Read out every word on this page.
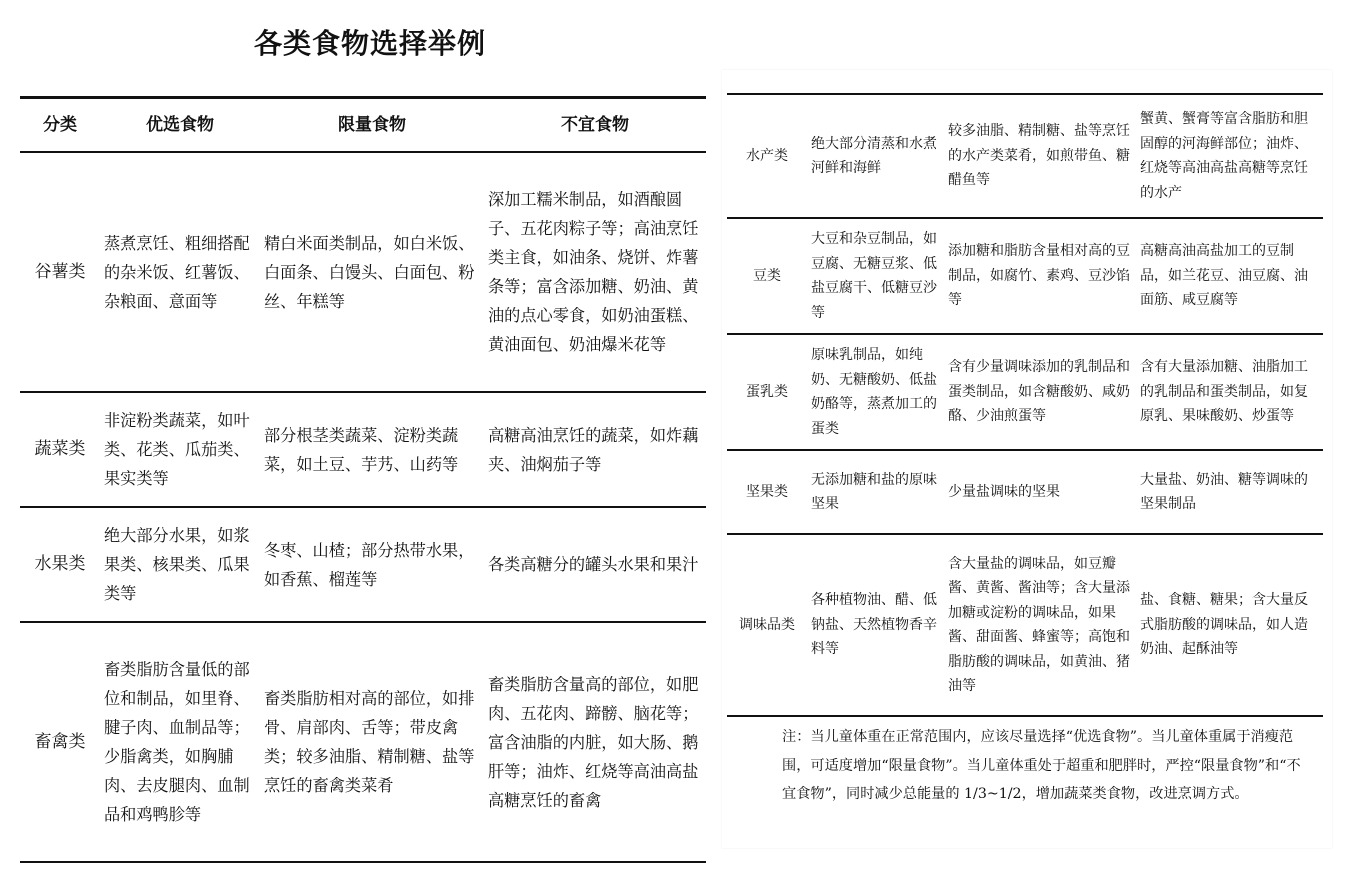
各类食物选择举例
分类	优选食物	限量食物	不宜食物
谷薯类	蒸煮烹饪、粗细搭配的杂米饭、红薯饭、杂粮面、意面等	精白米面类制品，如白米饭、白面条、白馒头、白面包、粉丝、年糕等	深加工糯米制品，如酒酿圆子、五花肉粽子等；高油烹饪类主食，如油条、烧饼、炸薯条等；富含添加糖、奶油、黄油的点心零食，如奶油蛋糕、黄油面包、奶油爆米花等
蔬菜类	非淀粉类蔬菜，如叶类、花类、瓜茄类、果实类等	部分根茎类蔬菜、淀粉类蔬菜，如土豆、芋艿、山药等	高糖高油烹饪的蔬菜，如炸藕夹、油焖茄子等
水果类	绝大部分水果，如浆果类、核果类、瓜果类等	冬枣、山楂；部分热带水果，如香蕉、榴莲等	各类高糖分的罐头水果和果汁
畜禽类	畜类脂肪含量低的部位和制品，如里脊、腱子肉、血制品等；少脂禽类，如胸脯肉、去皮腿肉、血制品和鸡鸭胗等	畜类脂肪相对高的部位，如排骨、肩部肉、舌等；带皮禽类；较多油脂、精制糖、盐等烹饪的畜禽类菜肴	畜类脂肪含量高的部位，如肥肉、五花肉、蹄髈、脑花等；富含油脂的内脏，如大肠、鹅肝等；油炸、红烧等高油高盐高糖烹饪的畜禽
水产类	绝大部分清蒸和水煮河鲜和海鲜	较多油脂、精制糖、盐等烹饪的水产类菜肴，如煎带鱼、糖醋鱼等	蟹黄、蟹膏等富含脂肪和胆固醇的河海鲜部位；油炸、红烧等高油高盐高糖等烹饪的水产
豆类	大豆和杂豆制品，如豆腐、无糖豆浆、低盐豆腐干、低糖豆沙等	添加糖和脂肪含量相对高的豆制品，如腐竹、素鸡、豆沙馅等	高糖高油高盐加工的豆制品，如兰花豆、油豆腐、油面筋、咸豆腐等
蛋乳类	原味乳制品，如纯奶、无糖酸奶、低盐奶酪等，蒸煮加工的蛋类	含有少量调味添加的乳制品和蛋类制品，如含糖酸奶、咸奶酪、少油煎蛋等	含有大量添加糖、油脂加工的乳制品和蛋类制品，如复原乳、果味酸奶、炒蛋等
坚果类	无添加糖和盐的原味坚果	少量盐调味的坚果	大量盐、奶油、糖等调味的坚果制品
调味品类	各种植物油、醋、低钠盐、天然植物香辛料等	含大量盐的调味品，如豆瓣酱、黄酱、酱油等；含大量添加糖或淀粉的调味品，如果酱、甜面酱、蜂蜜等；高饱和脂肪酸的调味品，如黄油、猪油等	盐、食糖、糖果；含大量反式脂肪酸的调味品，如人造奶油、起酥油等
注：当儿童体重在正常范围内，应该尽量选择“优选食物”。当儿童体重属于消瘦范围，可适度增加“限量食物”。当儿童体重处于超重和肥胖时，严控“限量食物”和“不宜食物”，同时减少总能量的 1/3~1/2，增加蔬菜类食物，改进烹调方式。
